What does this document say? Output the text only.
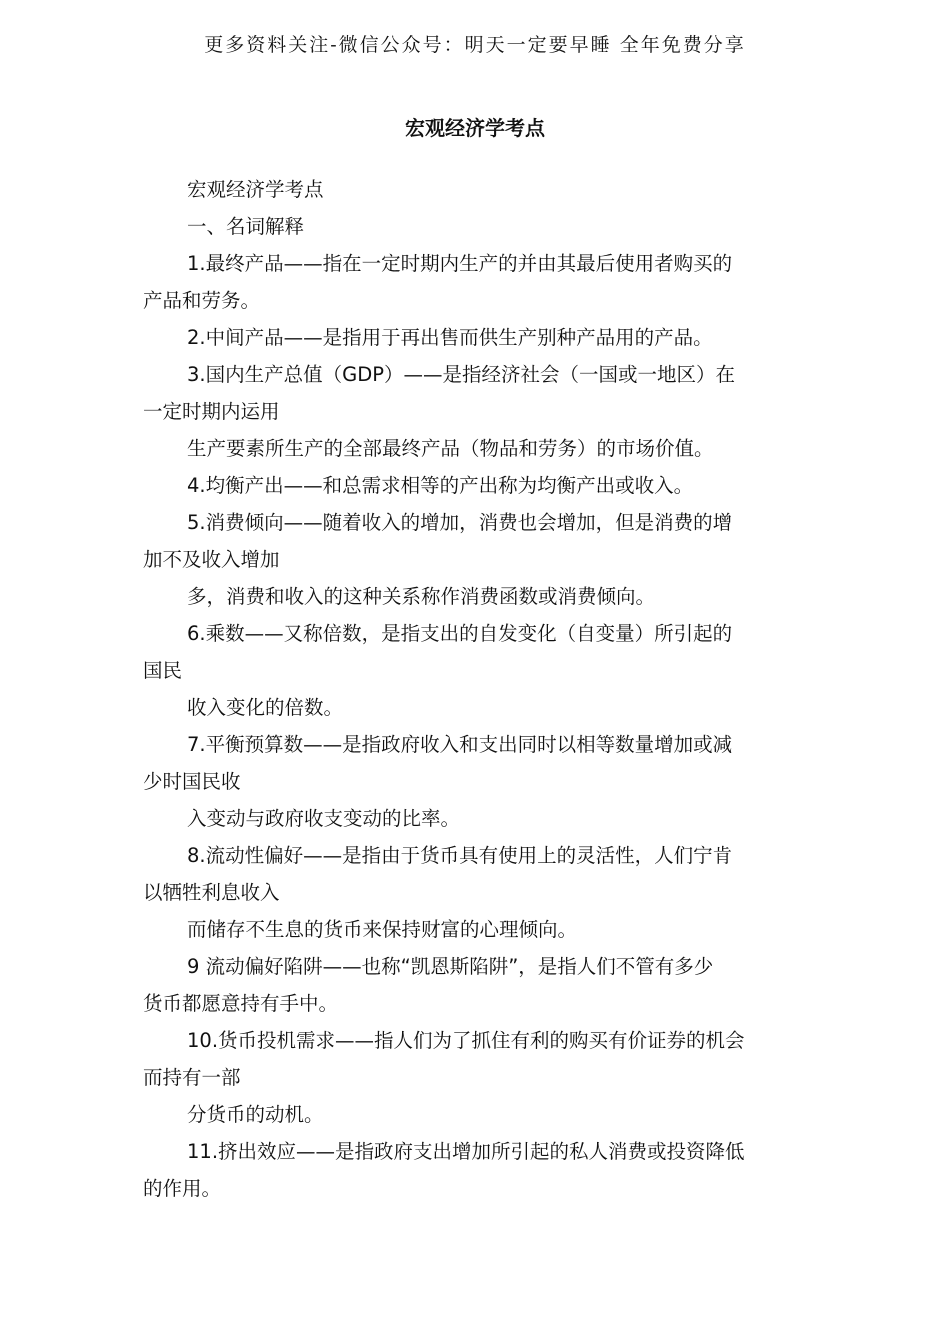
更多资料关注-微信公众号：明天一定要早睡 全年免费分享
宏观经济学考点

宏观经济学考点

一、名词解释

1.最终产品——指在一定时期内生产的并由其最后使用者购买的

产品和劳务。

2.中间产品——是指用于再出售而供生产别种产品用的产品。

3.国内生产总值（GDP）——是指经济社会（一国或一地区）在

一定时期内运用

生产要素所生产的全部最终产品（物品和劳务）的市场价值。

4.均衡产出——和总需求相等的产出称为均衡产出或收入。

5.消费倾向——随着收入的增加，消费也会增加，但是消费的增

加不及收入增加

多，消费和收入的这种关系称作消费函数或消费倾向。

6.乘数——又称倍数，是指支出的自发变化（自变量）所引起的

国民

收入变化的倍数。

7.平衡预算数——是指政府收入和支出同时以相等数量增加或减

少时国民收

入变动与政府收支变动的比率。

8.流动性偏好——是指由于货币具有使用上的灵活性，人们宁肯

以牺牲利息收入

而储存不生息的货币来保持财富的心理倾向。

9 流动偏好陷阱——也称“凯恩斯陷阱”，是指人们不管有多少

货币都愿意持有手中。

10.货币投机需求——指人们为了抓住有利的购买有价证券的机会

而持有一部

分货币的动机。

11.挤出效应——是指政府支出增加所引起的私人消费或投资降低

的作用。
